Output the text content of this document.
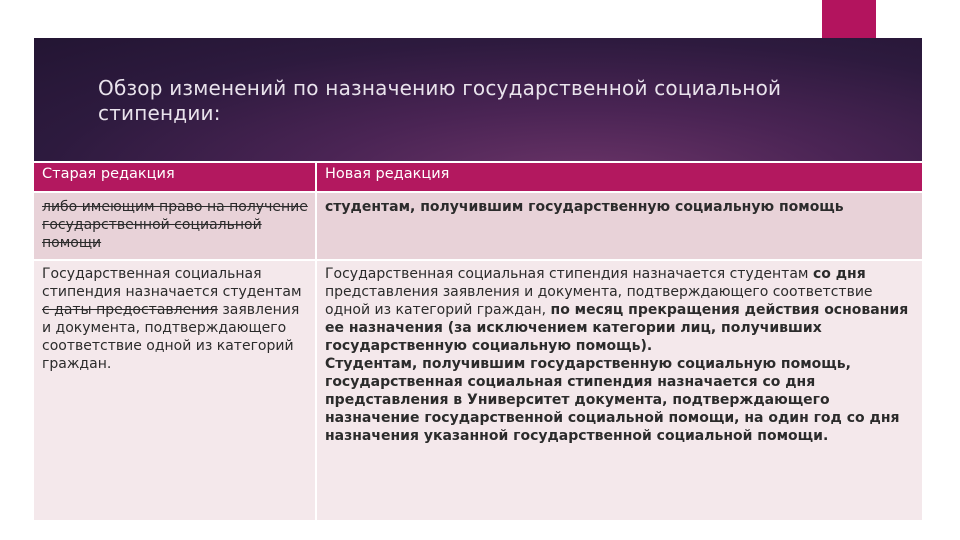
Обзор изменений по назначению государственной социальной стипендии:
Старая редакция	Новая редакция
либо имеющим право на получение государственной социальной помощи	студентам, получившим государственную социальную помощь
Государственная социальная стипендия назначается студентам с даты предоставления заявления и документа, подтверждающего соответствие одной из категорий граждан.	Государственная социальная стипендия назначается студентам со дня представления заявления и документа, подтверждающего соответствие одной из категорий граждан, по месяц прекращения действия основания ее назначения (за исключением категории лиц, получивших государственную социальную помощь).
Студентам, получившим государственную социальную помощь, государственная социальная стипендия назначается со дня представления в Университет документа, подтверждающего назначение государственной социальной помощи, на один год со дня назначения указанной государственной социальной помощи.
